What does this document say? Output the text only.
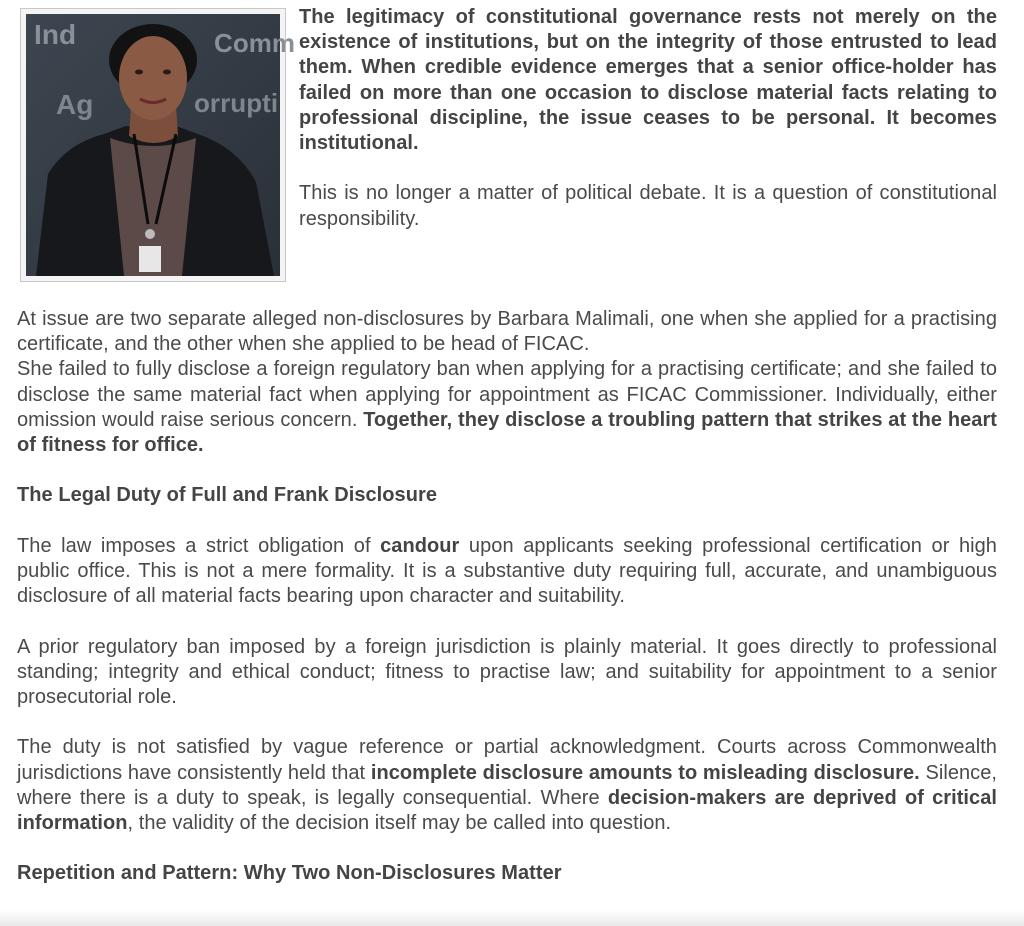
Ind	Comm
Ag	orrupti

The legitimacy of constitutional governance rests not merely on the existence of institutions, but on the integrity of those entrusted to lead them. When credible evidence emerges that a senior office-holder has failed on more than one occasion to disclose material facts relating to professional discipline, the issue ceases to be personal. It becomes institutional.

This is no longer a matter of political debate. It is a question of constitutional responsibility.

At issue are two separate alleged non-disclosures by Barbara Malimali, one when she applied for a practising certificate, and the other when she applied to be head of FICAC.

She failed to fully disclose a foreign regulatory ban when applying for a practising certificate; and she failed to disclose the same material fact when applying for appointment as FICAC Commissioner. Individually, either omission would raise serious concern. Together, they disclose a troubling pattern that strikes at the heart of fitness for office.

The Legal Duty of Full and Frank Disclosure

The law imposes a strict obligation of candour upon applicants seeking professional certification or high public office. This is not a mere formality. It is a substantive duty requiring full, accurate, and unambiguous disclosure of all material facts bearing upon character and suitability.

A prior regulatory ban imposed by a foreign jurisdiction is plainly material. It goes directly to professional standing; integrity and ethical conduct; fitness to practise law; and suitability for appointment to a senior prosecutorial role.

The duty is not satisfied by vague reference or partial acknowledgment. Courts across Commonwealth jurisdictions have consistently held that incomplete disclosure amounts to misleading disclosure. Silence, where there is a duty to speak, is legally consequential. Where decision-makers are deprived of critical information, the validity of the decision itself may be called into question.

Repetition and Pattern: Why Two Non-Disclosures Matter
